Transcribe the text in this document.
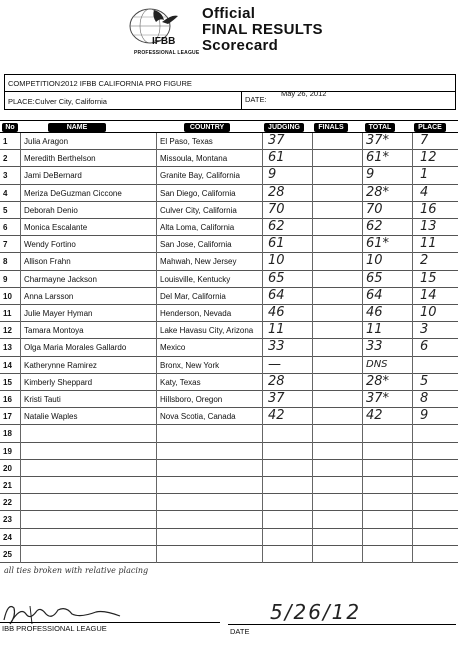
IFBB
PROFESSIONAL LEAGUE
Official
FINAL RESULTS
Scorecard
COMPETITION:
2012 IFBB CALIFORNIA PRO FIGURE
PLACE: Culver City, California	DATE:
May 26, 2012
No	NAME	COUNTRY	JUDGING	FINALS	TOTAL	PLACE
1 Julia Aragon	El Paso, Texas	37	37* 7
2 Meredith Berthelson	Missoula, Montana	61	61* 12
3 Jami DeBernard	Granite Bay, California 9	9	1
4 Meriza DeGuzman Ciccone	San Diego, California 28	28* 4
5 Deborah Denio	Culver City, California 70	70	16
6 Monica Escalante	Alta Loma, California	62	62	13
7 Wendy Fortino	San Jose, California	61	61* 11
8 Allison Frahn	Mahwah, New Jersey 10	10	2
9 Charmayne Jackson	Louisville, Kentucky	65	65	15
10 Anna Larsson	Del Mar, California	64	64	14
11 Julie Mayer Hyman	Henderson, Nevada	46	46	10
12 Tamara Montoya	Lake Havasu City, Arizona 11	11	3
13 Olga Maria Morales Gallardo	Mexico	33	33	6
14 Katherynne Ramirez	Bronx, New York	—	DNS
15 Kimberly Sheppard	Katy, Texas	28	28* 5
16 Kristi Tauti	Hillsboro, Oregon	37	37* 8
17 Natalie Waples	Nova Scotia, Canada 42	42	9
18
19
20
21
22
23
24
25
all ties broken with relative placing
IBB PROFESSIONAL LEAGUE
5/26/12
DATE
